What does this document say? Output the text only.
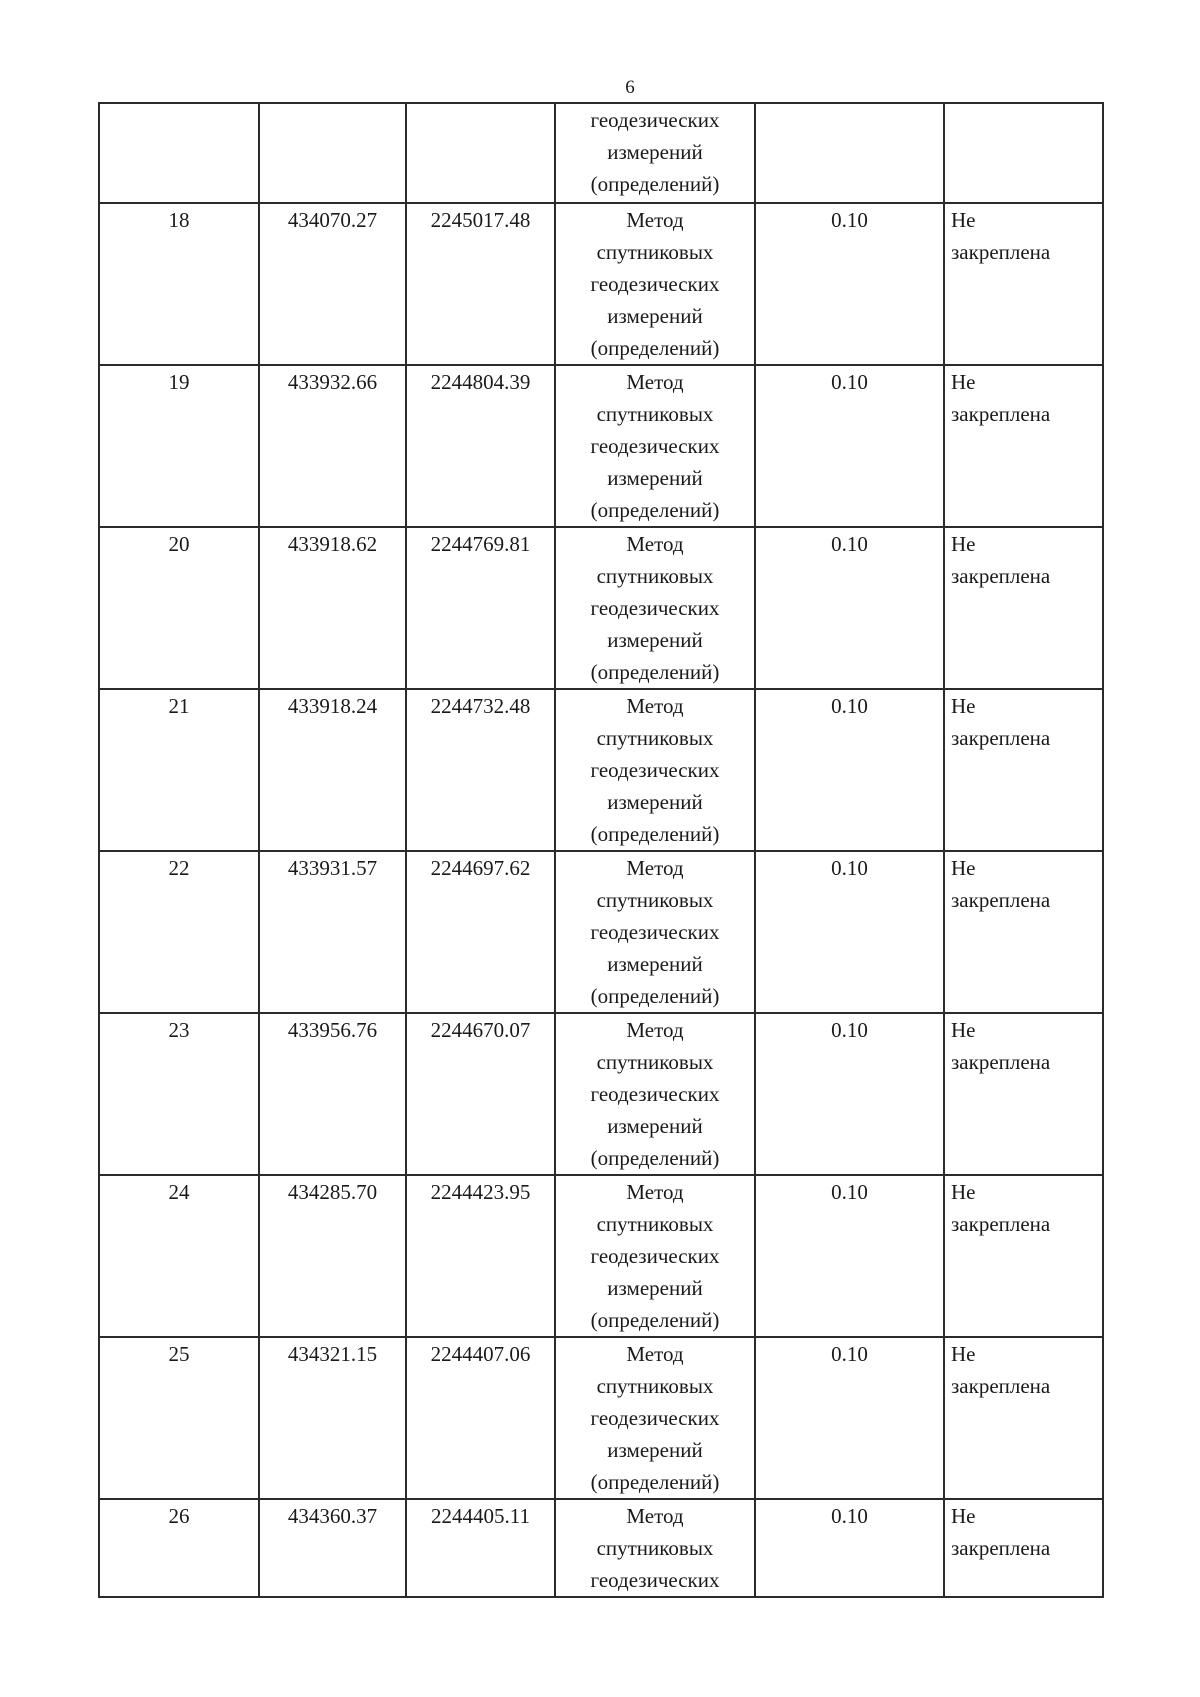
6

			геодезических
измерений
(определений)		

18	434070.27	2245017.48	Метод
спутниковых
геодезических
измерений
(определений)	0.10	Не
закреплена

19	433932.66	2244804.39	Метод
спутниковых
геодезических
измерений
(определений)	0.10	Не
закреплена

20	433918.62	2244769.81	Метод
спутниковых
геодезических
измерений
(определений)	0.10	Не
закреплена

21	433918.24	2244732.48	Метод
спутниковых
геодезических
измерений
(определений)	0.10	Не
закреплена

22	433931.57	2244697.62	Метод
спутниковых
геодезических
измерений
(определений)	0.10	Не
закреплена

23	433956.76	2244670.07	Метод
спутниковых
геодезических
измерений
(определений)	0.10	Не
закреплена

24	434285.70	2244423.95	Метод
спутниковых
геодезических
измерений
(определений)	0.10	Не
закреплена

25	434321.15	2244407.06	Метод
спутниковых
геодезических
измерений
(определений)	0.10	Не
закреплена

26	434360.37	2244405.11	Метод
спутниковых
геодезических	0.10	Не
закреплена
